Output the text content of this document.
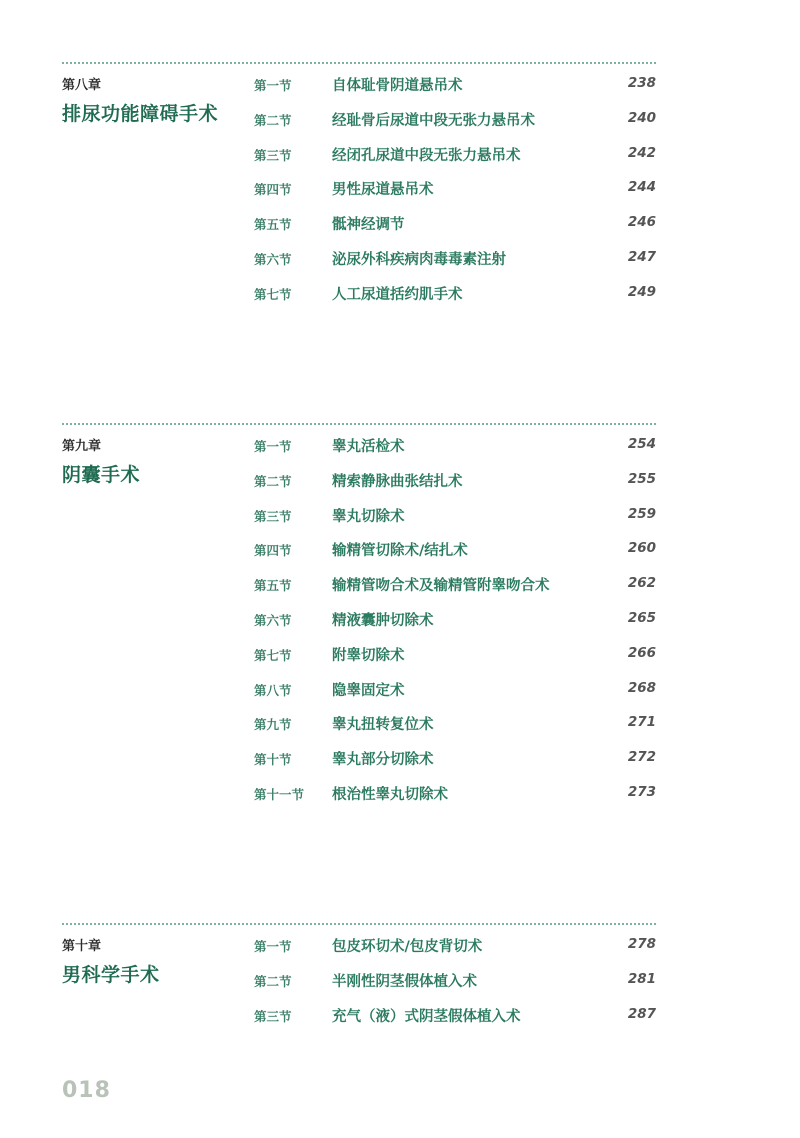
第八章
排尿功能障碍手术
第一节	自体耻骨阴道悬吊术	238
第二节	经耻骨后尿道中段无张力悬吊术	240
第三节	经闭孔尿道中段无张力悬吊术	242
第四节	男性尿道悬吊术	244
第五节	骶神经调节	246
第六节	泌尿外科疾病肉毒毒素注射	247
第七节	人工尿道括约肌手术	249
第九章
阴囊手术
第一节	睾丸活检术	254
第二节	精索静脉曲张结扎术	255
第三节	睾丸切除术	259
第四节	输精管切除术/结扎术	260
第五节	输精管吻合术及输精管附睾吻合术	262
第六节	精液囊肿切除术	265
第七节	附睾切除术	266
第八节	隐睾固定术	268
第九节	睾丸扭转复位术	271
第十节	睾丸部分切除术	272
第十一节 根治性睾丸切除术	273
第十章
男科学手术
第一节	包皮环切术/包皮背切术	278
第二节	半刚性阴茎假体植入术	281
第三节	充气（液）式阴茎假体植入术	287
018
